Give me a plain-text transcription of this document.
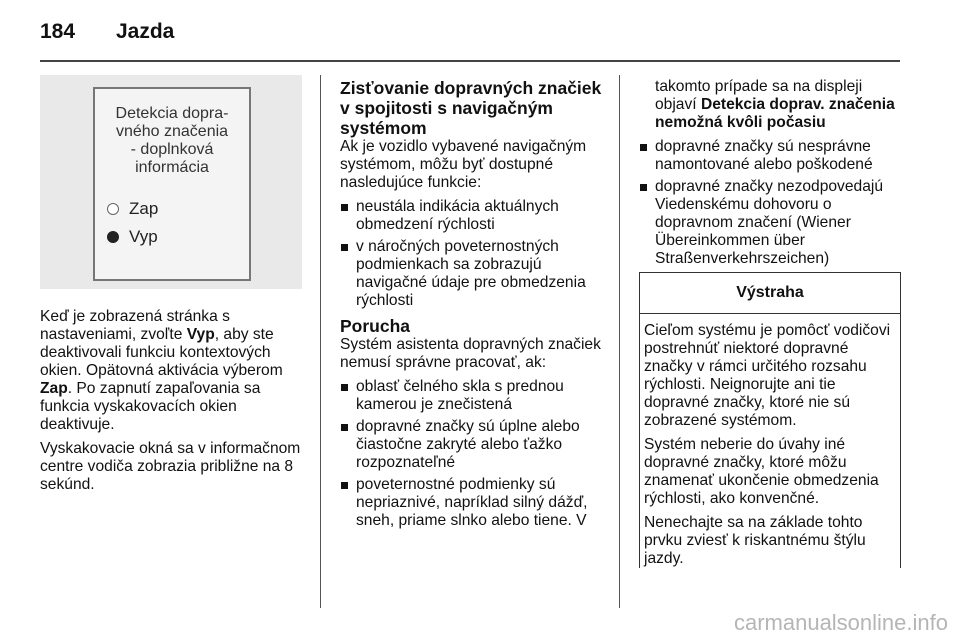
184 Jazda
Detekcia dopra-
vného značenia
- doplnková
informácia
Zap
Vyp

Keď je zobrazená stránka s nastaveniami, zvoľte Vyp, aby ste deaktivovali funkciu kontextových okien. Opätovná aktivácia výberom Zap. Po zapnutí zapaľovania sa funkcia vyskakovacích okien deaktivuje.

Vyskakovacie okná sa v informačnom centre vodiča zobrazia približne na 8 sekúnd.

Zisťovanie dopravných značiek v spojitosti s navigačným systémom

Ak je vozidlo vybavené navigačným systémom, môžu byť dostupné nasledujúce funkcie:

neustála indikácia aktuálnych obmedzení rýchlosti
v náročných poveternostných podmienkach sa zobrazujú navigačné údaje pre obmedzenia rýchlosti
Porucha

Systém asistenta dopravných značiek nemusí správne pracovať, ak:

oblasť čelného skla s prednou kamerou je znečistená
dopravné značky sú úplne alebo čiastočne zakryté alebo ťažko rozpoznateľné
poveternostné podmienky sú nepriaznivé, napríklad silný dážď, sneh, priame slnko alebo tiene. V

takomto prípade sa na displeji objaví Detekcia doprav. značenia nemožná kvôli počasiu

dopravné značky sú nesprávne namontované alebo poškodené
dopravné značky nezodpovedajú Viedenskému dohovoru o dopravnom značení (Wiener Übereinkommen über Straßenverkehrszeichen)
Výstraha

Cieľom systému je pomôcť vodičovi postrehnúť niektoré dopravné značky v rámci určitého rozsahu rýchlosti. Neignorujte ani tie dopravné značky, ktoré nie sú zobrazené systémom.

Systém neberie do úvahy iné dopravné značky, ktoré môžu znamenať ukončenie obmedzenia rýchlosti, ako konvenčné.

Nenechajte sa na základe tohto prvku zviesť k riskantnému štýlu jazdy.

carmanualsonline.info
